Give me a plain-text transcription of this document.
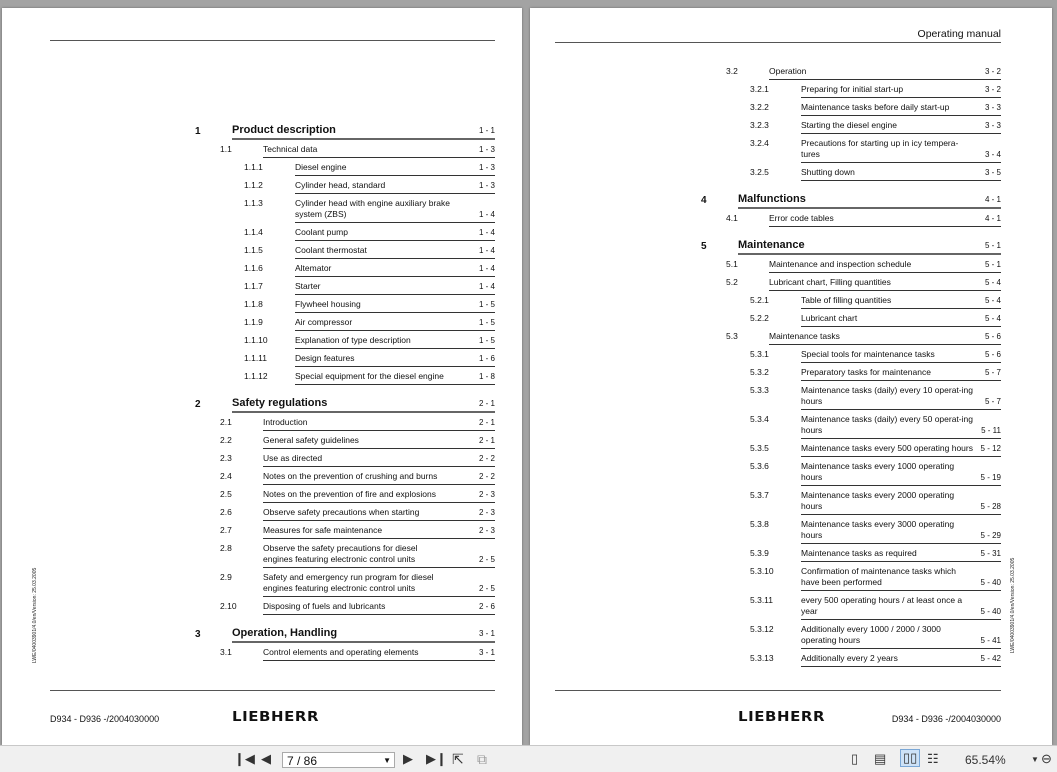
1	Product description	1 - 1
1.1	Technical data	1 - 3
1.1.1	Diesel engine	1 - 3
1.1.2	Cylinder head, standard	1 - 3
1.1.3	Cylinder head with engine auxiliary brake system (ZBS)	1 - 4
1.1.4	Coolant pump	1 - 4
1.1.5	Coolant thermostat	1 - 4
1.1.6	Altemator	1 - 4
1.1.7	Starter	1 - 4
1.1.8	Flywheel housing	1 - 5
1.1.9	Air compressor	1 - 5
1.1.10	Explanation of type description	1 - 5
1.1.11	Design features	1 - 6
1.1.12	Special equipment for the diesel engine	1 - 8
2	Safety regulations	2 - 1
2.1	Introduction	2 - 1
2.2	General safety guidelines	2 - 1
2.3	Use as directed	2 - 2
2.4	Notes on the prevention of crushing and burns	2 - 2
2.5	Notes on the prevention of fire and explosions	2 - 3
2.6	Observe safety precautions when starting	2 - 3
2.7	Measures for safe maintenance	2 - 3
2.8	Observe the safety precautions for diesel engines featuring electronic control units	2 - 5
2.9	Safety and emergency run program for diesel engines featuring electronic control units	2 - 5
2.10	Disposing of fuels and lubricants	2 - 6
3	Operation, Handling	3 - 1
3.1	Control elements and operating elements	3 - 1
LWE/04003901/4.0/en/Version: 25.03.2005
D934 - D936 -/2004030000	LIEBHERR
Operating manual
3.2	Operation	3 - 2
3.2.1	Preparing for initial start-up	3 - 2
3.2.2	Maintenance tasks before daily start-up	3 - 3
3.2.3	Starting the diesel engine	3 - 3
3.2.4	Precautions for starting up in icy tempera-tures	3 - 4
3.2.5	Shutting down	3 - 5
4	Malfunctions	4 - 1
4.1	Error code tables	4 - 1
5	Maintenance	5 - 1
5.1	Maintenance and inspection schedule	5 - 1
5.2	Lubricant chart, Filling quantities	5 - 4
5.2.1	Table of filling quantities	5 - 4
5.2.2	Lubricant chart	5 - 4
5.3	Maintenance tasks	5 - 6
5.3.1	Special tools for maintenance tasks	5 - 6
5.3.2	Preparatory tasks for maintenance	5 - 7
5.3.3	Maintenance tasks (daily) every 10 operat-ing hours	5 - 7
5.3.4	Maintenance tasks (daily) every 50 operat-ing hours	5 - 11
5.3.5	Maintenance tasks every 500 operating hours 5 - 12
5.3.6	Maintenance tasks every 1000 operating hours	5 - 19
5.3.7	Maintenance tasks every 2000 operating hours	5 - 28
5.3.8	Maintenance tasks every 3000 operating hours	5 - 29
5.3.9	Maintenance tasks as required	5 - 31
5.3.10	Confirmation of maintenance tasks which have been performed	5 - 40
5.3.11	every 500 operating hours / at least once a year	5 - 40
5.3.12	Additionally every 1000 / 2000 / 3000 operating hours	5 - 41
5.3.13	Additionally every 2 years	5 - 42
LWE/04003901/4.0/en/Version: 25.03.2005
LIEBHERR	D934 - D936 -/2004030000
❙◀ ◀	7 / 86	▼ ▶ ▶❙ ⇱ ⧉	▯ ▤ ▯▯ ☷ 65.54%	▼ ⊖
